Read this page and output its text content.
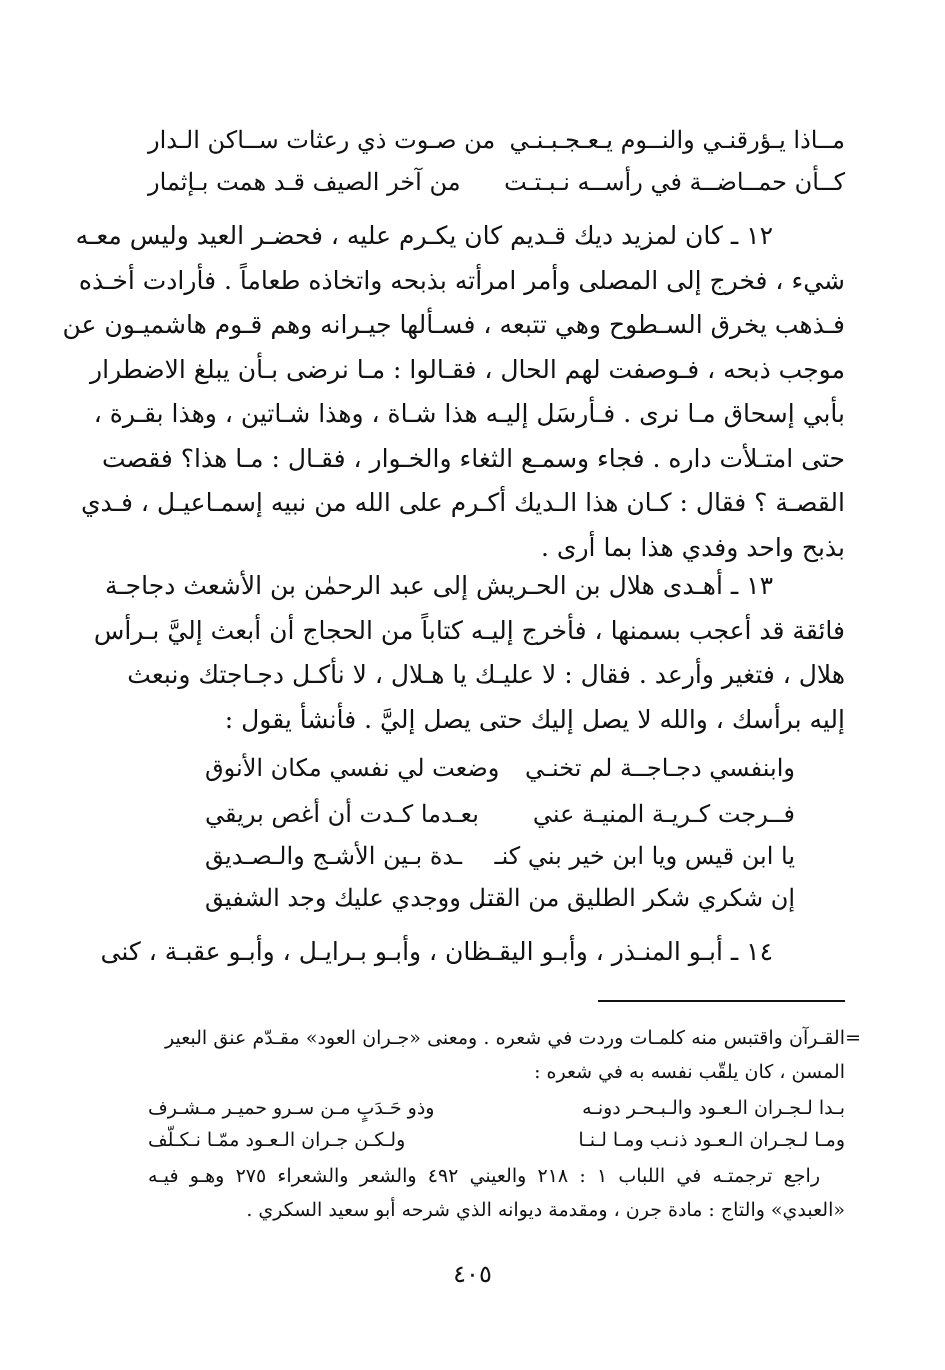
مــاذا يـؤرقنـي والنــوم يـعـجـبـنـي
من صـوت ذي رعثات ســاكن الـدار
كــأن حمــاضــة في رأســه نـبـتـت
من آخر الصيف قـد همت بـإثمار
١٢ ـ كان لمزيد ديك قـديم كان يكـرم عليه ، فحضـر العيد وليس معـه
شيء ، فخرج إلى المصلى وأمر امرأته بذبحه واتخاذه طعاماً . فأرادت أخـذه
فـذهب يخرق السـطوح وهي تتبعه ، فسـألها جيـرانه وهم قـوم هاشميـون عن
موجب ذبحه ، فـوصفت لهم الحال ، فقـالوا : مـا نرضى بـأن يبلغ الاضطرار
بأبي إسحاق مـا نرى . فـأرسَل إليـه هذا شـاة ، وهذا شـاتين ، وهذا بقـرة ،
حتى امتـلأت داره . فجاء وسمـع الثغاء والخـوار ، فقـال : مـا هذا؟ فقصت
القصـة ؟ فقال : كـان هذا الـديك أكـرم على الله من نبيه إسمـاعيـل ، فـدي
بذبح واحد وفدي هذا بما أرى .
١٣ ـ أهـدى هلال بن الحـريش إلى عبد الرحمٰن بن الأشعث دجاجـة
فائقة قد أعجب بسمنها ، فأخرج إليـه كتاباً من الحجاج أن أبعث إليَّ بـرأس
هلال ، فتغير وأرعد . فقال : لا عليـك يا هـلال ، لا نأكـل دجـاجتك ونبعث
إليه برأسك ، والله لا يصل إليك حتى يصل إليَّ . فأنشأ يقول :
وابنفسي دجـاجــة لم تخنـي
وضعت لي نفسي مكان الأنوق
فــرجت كـريـة المنيـة عني
بعـدما كـدت أن أغص بريقي
يا ابن قيس ويا ابن خير بني كنـ
ـدة بـين الأشـج والـصـديق
إن شكري شكر الطليق من القتـ
ـل ووجدي عليك وجد الشفيق
١٤ ـ أبـو المنـذر ، وأبـو اليقـظان ، وأبـو بـرايـل ، وأبـو عقبـة ، كنى
=
القـرآن واقتبس منه كلمـات وردت في شعره . ومعنى «جـران العود» مقـدّم عنق البعير
المسن ، كان يلقّب نفسه به في شعره :
بـدا لـجـران الـعـود والـبـحـر دونـه
وذو حَـدَبٍ مـن سـرو حميـر مـشـرف
ومـا لـجـران الـعـود ذنـب ومـا لـنـا
ولـكـن جـران الـعـود ممّـا نـكـلّف
راجع ترجمتـه في اللباب ١ : ٢١٨ والعيني ٤٩٢ والشعر والشعراء ٢٧٥ وهـو فيـه
«العبدي» والتاج : مادة جرن ، ومقدمة ديوانه الذي شرحه أبو سعيد السكري .
٤٠٥
